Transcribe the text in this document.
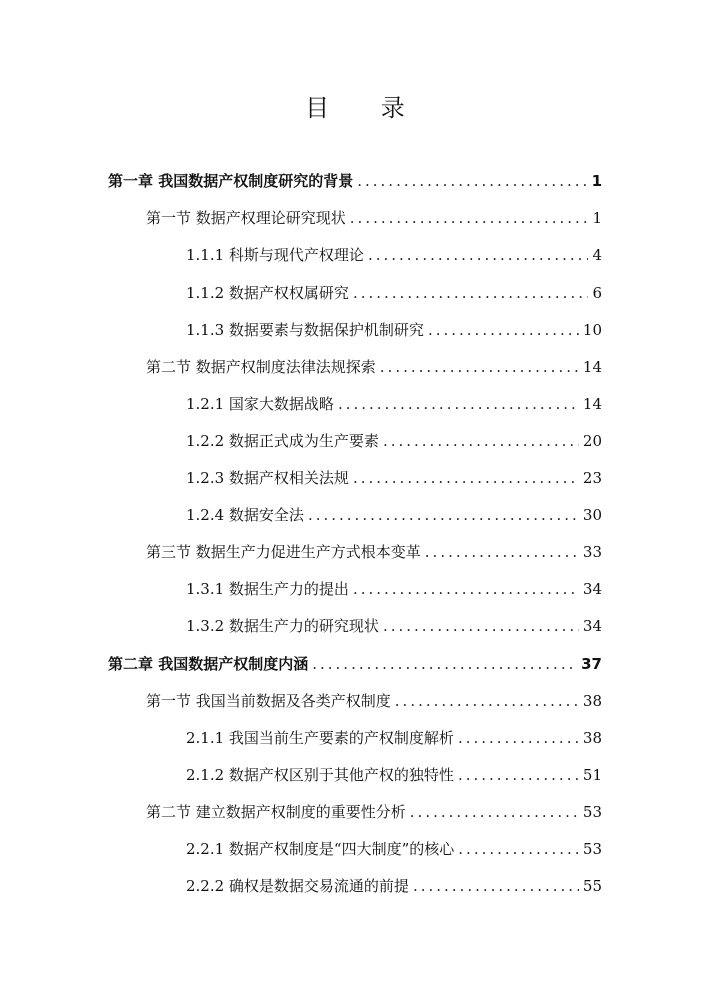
目 录
第一章 我国数据产权制度研究的背景 .....	1
第一节 数据产权理论研究现状 .....	1
1.1.1 科斯与现代产权理论 .....	4
1.1.2 数据产权权属研究 .....	6
1.1.3 数据要素与数据保护机制研究 .....	10
第二节 数据产权制度法律法规探索 .....	14
1.2.1 国家大数据战略 .....	14
1.2.2 数据正式成为生产要素 .....	20
1.2.3 数据产权相关法规 .....	23
1.2.4 数据安全法 .....	30
第三节 数据生产力促进生产方式根本变革 .....	33
1.3.1 数据生产力的提出 .....	34
1.3.2 数据生产力的研究现状 .....	34
第二章 我国数据产权制度内涵 .....	37
第一节 我国当前数据及各类产权制度 .....	38
2.1.1 我国当前生产要素的产权制度解析 .....	38
2.1.2 数据产权区别于其他产权的独特性 .....	51
第二节 建立数据产权制度的重要性分析 .....	53
2.2.1 数据产权制度是“四大制度”的核心 .....	53
2.2.2 确权是数据交易流通的前提 .....	55
